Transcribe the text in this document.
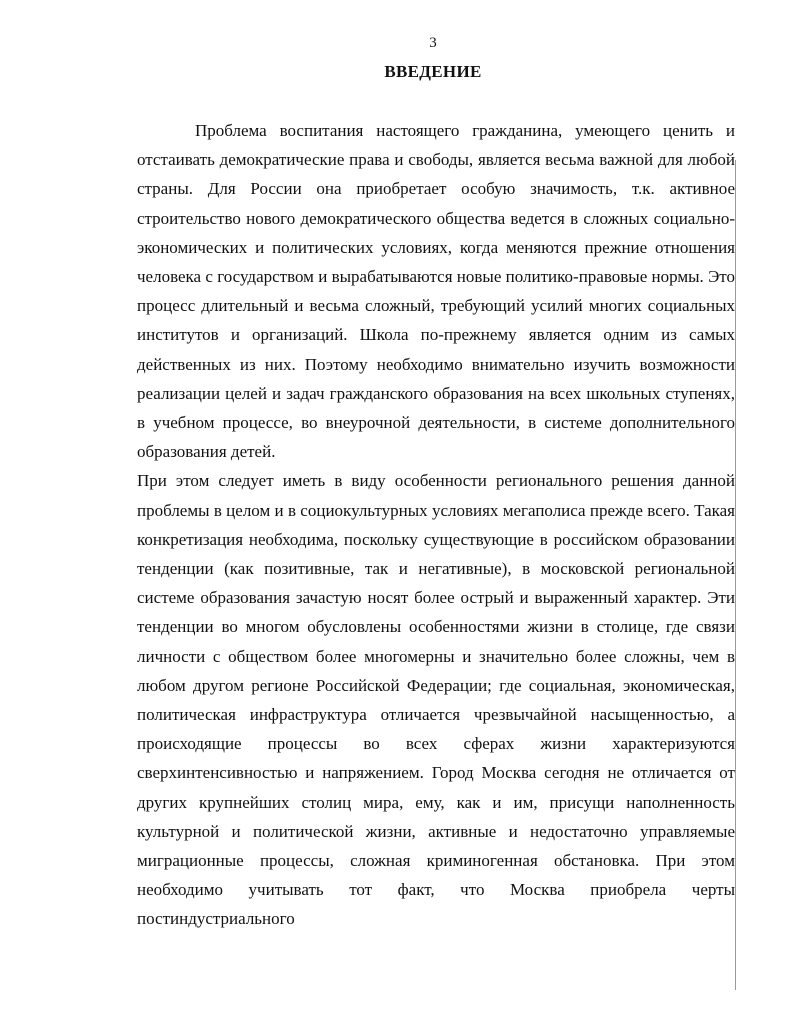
3
ВВЕДЕНИЕ

Проблема воспитания настоящего гражданина, умеющего ценить и отстаивать демократические права и свободы, является весьма важной для любой страны. Для России она приобретает особую значимость, т.к. активное строительство нового демократического общества ведется в сложных социально-экономических и политических условиях, когда меняются прежние отношения человека с государством и вырабатываются новые политико-правовые нормы. Это процесс длительный и весьма сложный, требующий усилий многих социальных институтов и организаций. Школа по-прежнему является одним из самых действенных из них. Поэтому необходимо внимательно изучить возможности реализации целей и задач гражданского образования на всех школьных ступенях, в учебном процессе, во внеурочной деятельности, в системе дополнительного образования детей.

При этом следует иметь в виду особенности регионального решения данной проблемы в целом и в социокультурных условиях мегаполиса прежде всего. Такая конкретизация необходима, поскольку существующие в российском образовании тенденции (как позитивные, так и негативные), в московской региональной системе образования зачастую носят более острый и выраженный характер. Эти тенденции во многом обусловлены особенностями жизни в столице, где связи личности с обществом более многомерны и значительно более сложны, чем в любом другом регионе Российской Федерации; где социальная, экономическая, политическая инфраструктура отличается чрезвычайной насыщенностью, а происходящие процессы во всех сферах жизни характеризуются сверхинтенсивностью и напряжением. Город Москва сегодня не отличается от других крупнейших столиц мира, ему, как и им, присущи наполненность культурной и политической жизни, активные и недостаточно управляемые миграционные процессы, сложная криминогенная обстановка. При этом необходимо учитывать тот факт, что Москва приобрела черты постиндустриального
